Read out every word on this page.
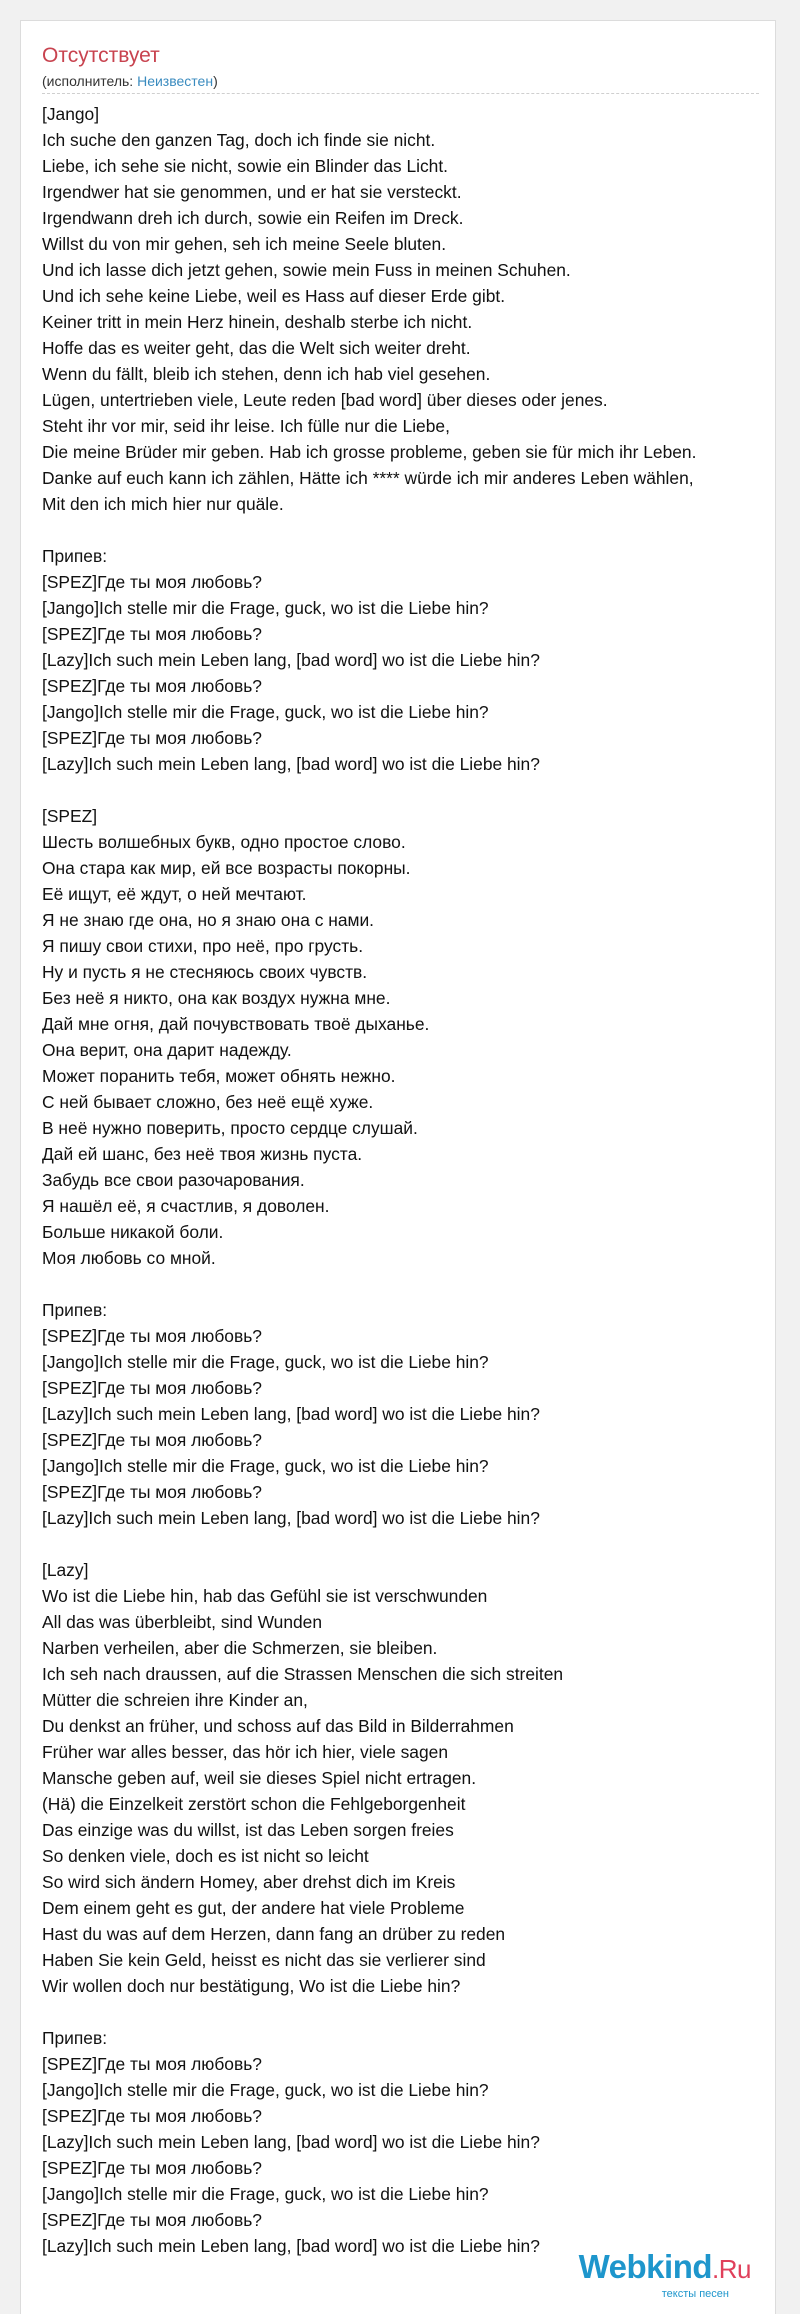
Отсутствует
(исполнитель: Неизвестен)
[Jango]
Ich suche den ganzen Tag, doch ich finde sie nicht.
Liebe, ich sehe sie nicht, sowie ein Blinder das Licht.
Irgendwer hat sie genommen, und er hat sie versteckt.
Irgendwann dreh ich durch, sowie ein Reifen im Dreck.
Willst du von mir gehen, seh ich meine Seele bluten.
Und ich lasse dich jetzt gehen, sowie mein Fuss in meinen Schuhen.
Und ich sehe keine Liebe, weil es Hass auf dieser Erde gibt.
Keiner tritt in mein Herz hinein, deshalb sterbe ich nicht.
Hoffe das es weiter geht, das die Welt sich weiter dreht.
Wenn du fällt, bleib ich stehen, denn ich hab viel gesehen.
Lügen, untertrieben viele, Leute reden [bad word] über dieses oder jenes.
Steht ihr vor mir, seid ihr leise. Ich fülle nur die Liebe,
Die meine Brüder mir geben. Hab ich grosse probleme, geben sie für mich ihr Leben.
Danke auf euch kann ich zählen, Hätte ich **** würde ich mir anderes Leben wählen,
Mit den ich mich hier nur quäle.
Припев:
[SPEZ]Где ты моя любовь?
[Jango]Ich stelle mir die Frage, guck, wo ist die Liebe hin?
[SPEZ]Где ты моя любовь?
[Lazy]Ich such mein Leben lang, [bad word] wo ist die Liebe hin?
[SPEZ]Где ты моя любовь?
[Jango]Ich stelle mir die Frage, guck, wo ist die Liebe hin?
[SPEZ]Где ты моя любовь?
[Lazy]Ich such mein Leben lang, [bad word] wo ist die Liebe hin?
[SPEZ]
Шесть волшебных букв, одно простое слово.
Она стара как мир, ей все возрасты покорны.
Её ищут, её ждут, о ней мечтают.
Я не знаю где она, но я знаю она с нами.
Я пишу свои стихи, про неё, про грусть.
Ну и пусть я не стесняюсь своих чувств.
Без неё я никто, она как воздух нужна мне.
Дай мне огня, дай почувствовать твоё дыханье.
Она верит, она дарит надежду.
Может поранить тебя, может обнять нежно.
С ней бывает сложно, без неё ещё хуже.
В неё нужно поверить, просто сердце слушай.
Дай ей шанс, без неё твоя жизнь пуста.
Забудь все свои разочарования.
Я нашёл её, я счастлив, я доволен.
Больше никакой боли.
Моя любовь со мной.
Припев:
[SPEZ]Где ты моя любовь?
[Jango]Ich stelle mir die Frage, guck, wo ist die Liebe hin?
[SPEZ]Где ты моя любовь?
[Lazy]Ich such mein Leben lang, [bad word] wo ist die Liebe hin?
[SPEZ]Где ты моя любовь?
[Jango]Ich stelle mir die Frage, guck, wo ist die Liebe hin?
[SPEZ]Где ты моя любовь?
[Lazy]Ich such mein Leben lang, [bad word] wo ist die Liebe hin?
[Lazy]
Wo ist die Liebe hin, hab das Gefühl sie ist verschwunden
All das was überbleibt, sind Wunden
Narben verheilen, aber die Schmerzen, sie bleiben.
Ich seh nach draussen, auf die Strassen Menschen die sich streiten
Mütter die schreien ihre Kinder an,
Du denkst an früher, und schoss auf das Bild in Bilderrahmen
Früher war alles besser, das hör ich hier, viele sagen
Mansche geben auf, weil sie dieses Spiel nicht ertragen.
(Hä) die Einzelkeit zerstört schon die Fehlgeborgenheit
Das einzige was du willst, ist das Leben sorgen freies
So denken viele, doch es ist nicht so leicht
So wird sich ändern Homey, aber drehst dich im Kreis
Dem einem geht es gut, der andere hat viele Probleme
Hast du was auf dem Herzen, dann fang an drüber zu reden
Haben Sie kein Geld, heisst es nicht das sie verlierer sind
Wir wollen doch nur bestätigung, Wo ist die Liebe hin?
Припев:
[SPEZ]Где ты моя любовь?
[Jango]Ich stelle mir die Frage, guck, wo ist die Liebe hin?
[SPEZ]Где ты моя любовь?
[Lazy]Ich such mein Leben lang, [bad word] wo ist die Liebe hin?
[SPEZ]Где ты моя любовь?
[Jango]Ich stelle mir die Frage, guck, wo ist die Liebe hin?
[SPEZ]Где ты моя любовь?
[Lazy]Ich such mein Leben lang, [bad word] wo ist die Liebe hin?
Webkind.Ru
тексты песен
